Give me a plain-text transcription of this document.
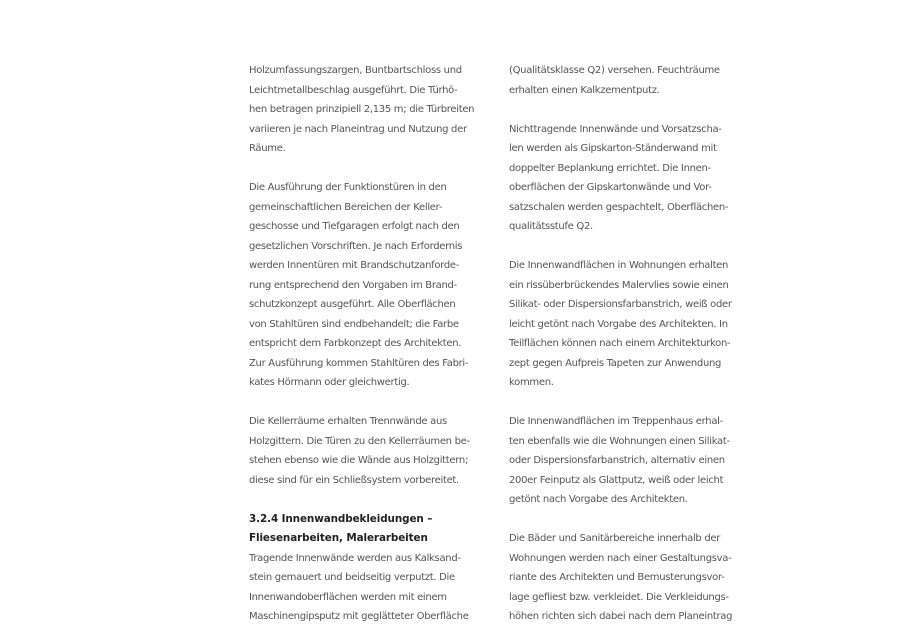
Holzumfassungszargen, Buntbartschloss und
Leichtmetallbeschlag ausgeführt. Die Türhö-
hen betragen prinzipiell 2,135 m; die Türbreiten
variieren je nach Planeintrag und Nutzung der
Räume.
Die Ausführung der Funktionstüren in den
gemeinschaftlichen Bereichen der Keller-
geschosse und Tiefgaragen erfolgt nach den
gesetzlichen Vorschriften. Je nach Erfordernis
werden Innentüren mit Brandschutzanforde-
rung entsprechend den Vorgaben im Brand-
schutzkonzept ausgeführt. Alle Oberflächen
von Stahltüren sind endbehandelt; die Farbe
entspricht dem Farbkonzept des Architekten.
Zur Ausführung kommen Stahltüren des Fabri-
kates Hörmann oder gleichwertig.
Die Kellerräume erhalten Trennwände aus
Holzgittern. Die Türen zu den Kellerräumen be-
stehen ebenso wie die Wände aus Holzgittern;
diese sind für ein Schließsystem vorbereitet.
3.2.4 Innenwandbekleidungen –
Fliesenarbeiten, Malerarbeiten
Tragende Innenwände werden aus Kalksand-
stein gemauert und beidseitig verputzt. Die
Innenwandoberflächen werden mit einem
Maschinengipsputz mit geglätteter Oberfläche
(Qualitätsklasse Q2) versehen. Feuchträume
erhalten einen Kalkzementputz.
Nichttragende Innenwände und Vorsatzscha-
len werden als Gipskarton-Ständerwand mit
doppelter Beplankung errichtet. Die Innen-
oberflächen der Gipskartonwände und Vor-
satzschalen werden gespachtelt, Oberflächen-
qualitätsstufe Q2.
Die Innenwandflächen in Wohnungen erhalten
ein rissüberbrückendes Malervlies sowie einen
Silikat- oder Dispersionsfarbanstrich, weiß oder
leicht getönt nach Vorgabe des Architekten. In
Teilflächen können nach einem Architekturkon-
zept gegen Aufpreis Tapeten zur Anwendung
kommen.
Die Innenwandflächen im Treppenhaus erhal-
ten ebenfalls wie die Wohnungen einen Silikat-
oder Dispersionsfarbanstrich, alternativ einen
200er Feinputz als Glattputz, weiß oder leicht
getönt nach Vorgabe des Architekten.
Die Bäder und Sanitärbereiche innerhalb der
Wohnungen werden nach einer Gestaltungsva-
riante des Architekten und Bemusterungsvor-
lage gefliest bzw. verkleidet. Die Verkleidungs-
höhen richten sich dabei nach dem Planeintrag
